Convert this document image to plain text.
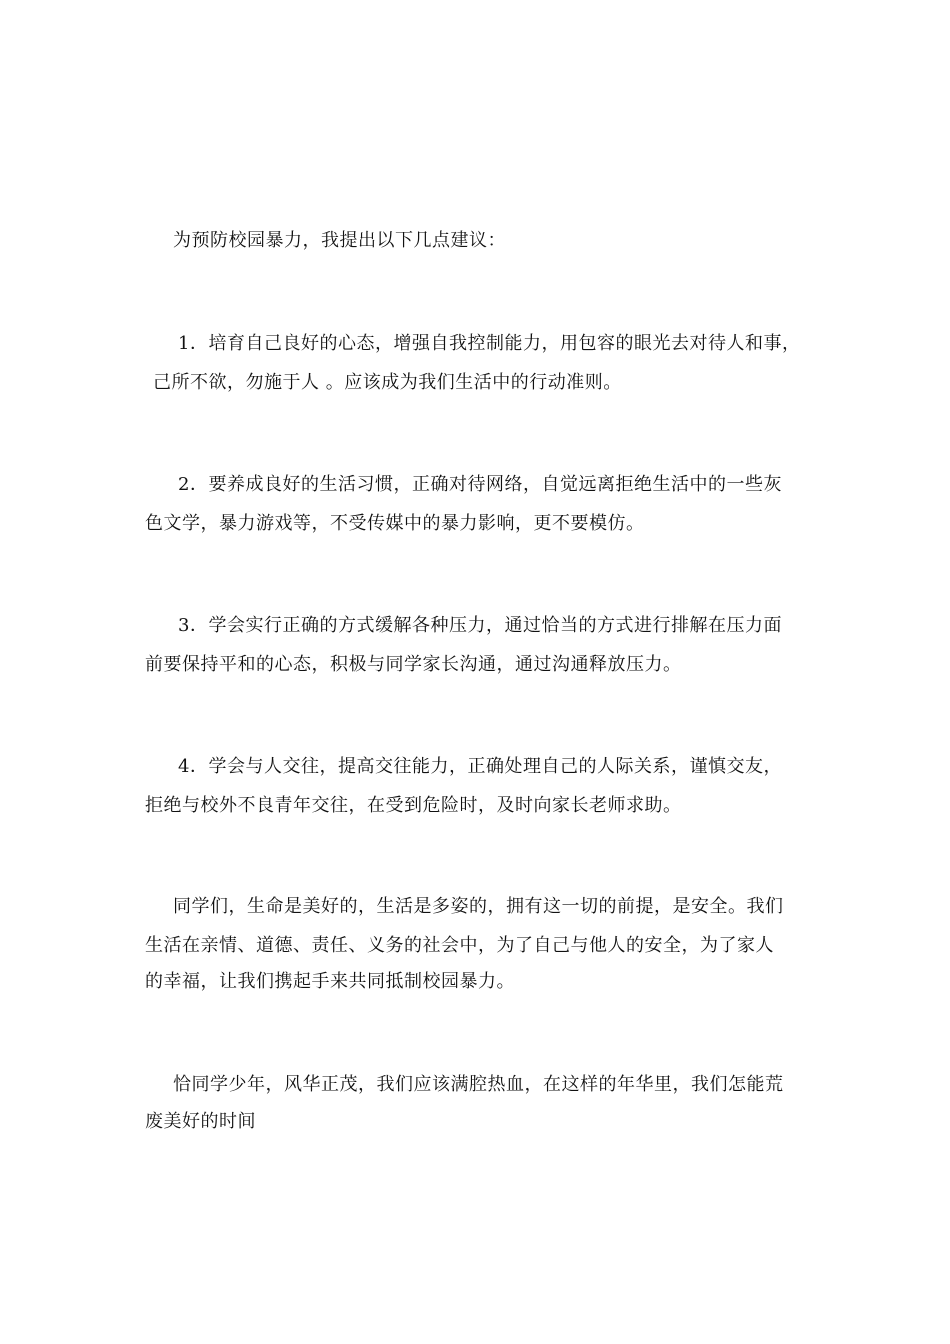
为预防校园暴力，我提出以下几点建议：
1．培育自己良好的心态，增强自我控制能力，用包容的眼光去对待人和事，
己所不欲，勿施于人 。应该成为我们生活中的行动准则。
2．要养成良好的生活习惯，正确对待网络，自觉远离拒绝生活中的一些灰
色文学，暴力游戏等，不受传媒中的暴力影响，更不要模仿。
3．学会实行正确的方式缓解各种压力，通过恰当的方式进行排解在压力面
前要保持平和的心态，积极与同学家长沟通，通过沟通释放压力。
4．学会与人交往，提高交往能力，正确处理自己的人际关系，谨慎交友，
拒绝与校外不良青年交往，在受到危险时，及时向家长老师求助。
同学们，生命是美好的，生活是多姿的，拥有这一切的前提，是安全。我们
生活在亲情、道德、责任、义务的社会中，为了自己与他人的安全，为了家人
的幸福，让我们携起手来共同抵制校园暴力。
恰同学少年，风华正茂，我们应该满腔热血，在这样的年华里，我们怎能荒
废美好的时间
